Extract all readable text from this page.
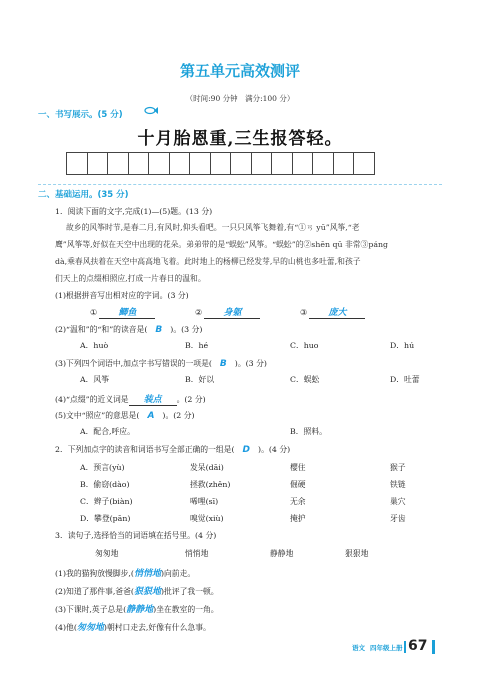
第五单元高效测评
（时间:90 分钟　满分:100 分）
一、书写展示。(5 分)
十月胎恩重,三生报答轻。
二、基础运用。(35 分)
1．阅读下面的文字,完成(1)—(5)题。(13 分)
故乡的风筝时节,是春二月,有风时,仰头看吧。一只只风筝飞舞着,有“①ㄢ yū”风筝,“老
鹰”风筝等,好似在天空中出现的花朵。弟弟带的是“蜈蚣”风筝。“蜈蚣”的②shēn qū 非常③páng
dà,乘春风扶着在天空中高高地飞着。此时地上的杨柳已经发芽,早的山桃也多吐蕾,和孩子
们天上的点缀相照应,打成一片春日的温和。
(1)根据拼音写出相对应的字词。(3 分)
① 鲫鱼	② 身躯	③ 庞大
(2)“温和”的“和”的读音是( B )。(3 分)
A．huò	B．hé	C．huo	D．hú
(3)下列四个词语中,加点字书写错误的一项是( B )。(3 分)
A．风筝	B．好以	C．蜈蚣	D．吐蕾
(4)“点缀”的近义词是 装点 。(2 分)
(5)文中“照应”的意思是( A )。(2 分)
A．配合,呼应。	B．照料。
2．下列加点字的读音和词语书写全部正确的一组是( D )。(4 分)
A．预言(yù)	发呆(dāi)	樱住	猴子
B．偷窃(dào)	拯救(zhěn)	倔硬	铁链
C．辫子(biàn)	唏哩(sī)	无余	巢穴
D．攀登(pān)	嗅觉(xiù)	掩护	牙齿
3．读句子,选择恰当的词语填在括号里。(4 分)
匆匆地	悄悄地	静静地	狠狠地
(1)我的猫狗放慢脚步,(悄悄地)向前走。
(2)知道了那件事,爸爸(狠狠地)批评了我一顿。
(3)下课时,英子总是(静静地)坐在教室的一角。
(4)他(匆匆地)朝村口走去,好像有什么急事。
语文 四年级上册 67
